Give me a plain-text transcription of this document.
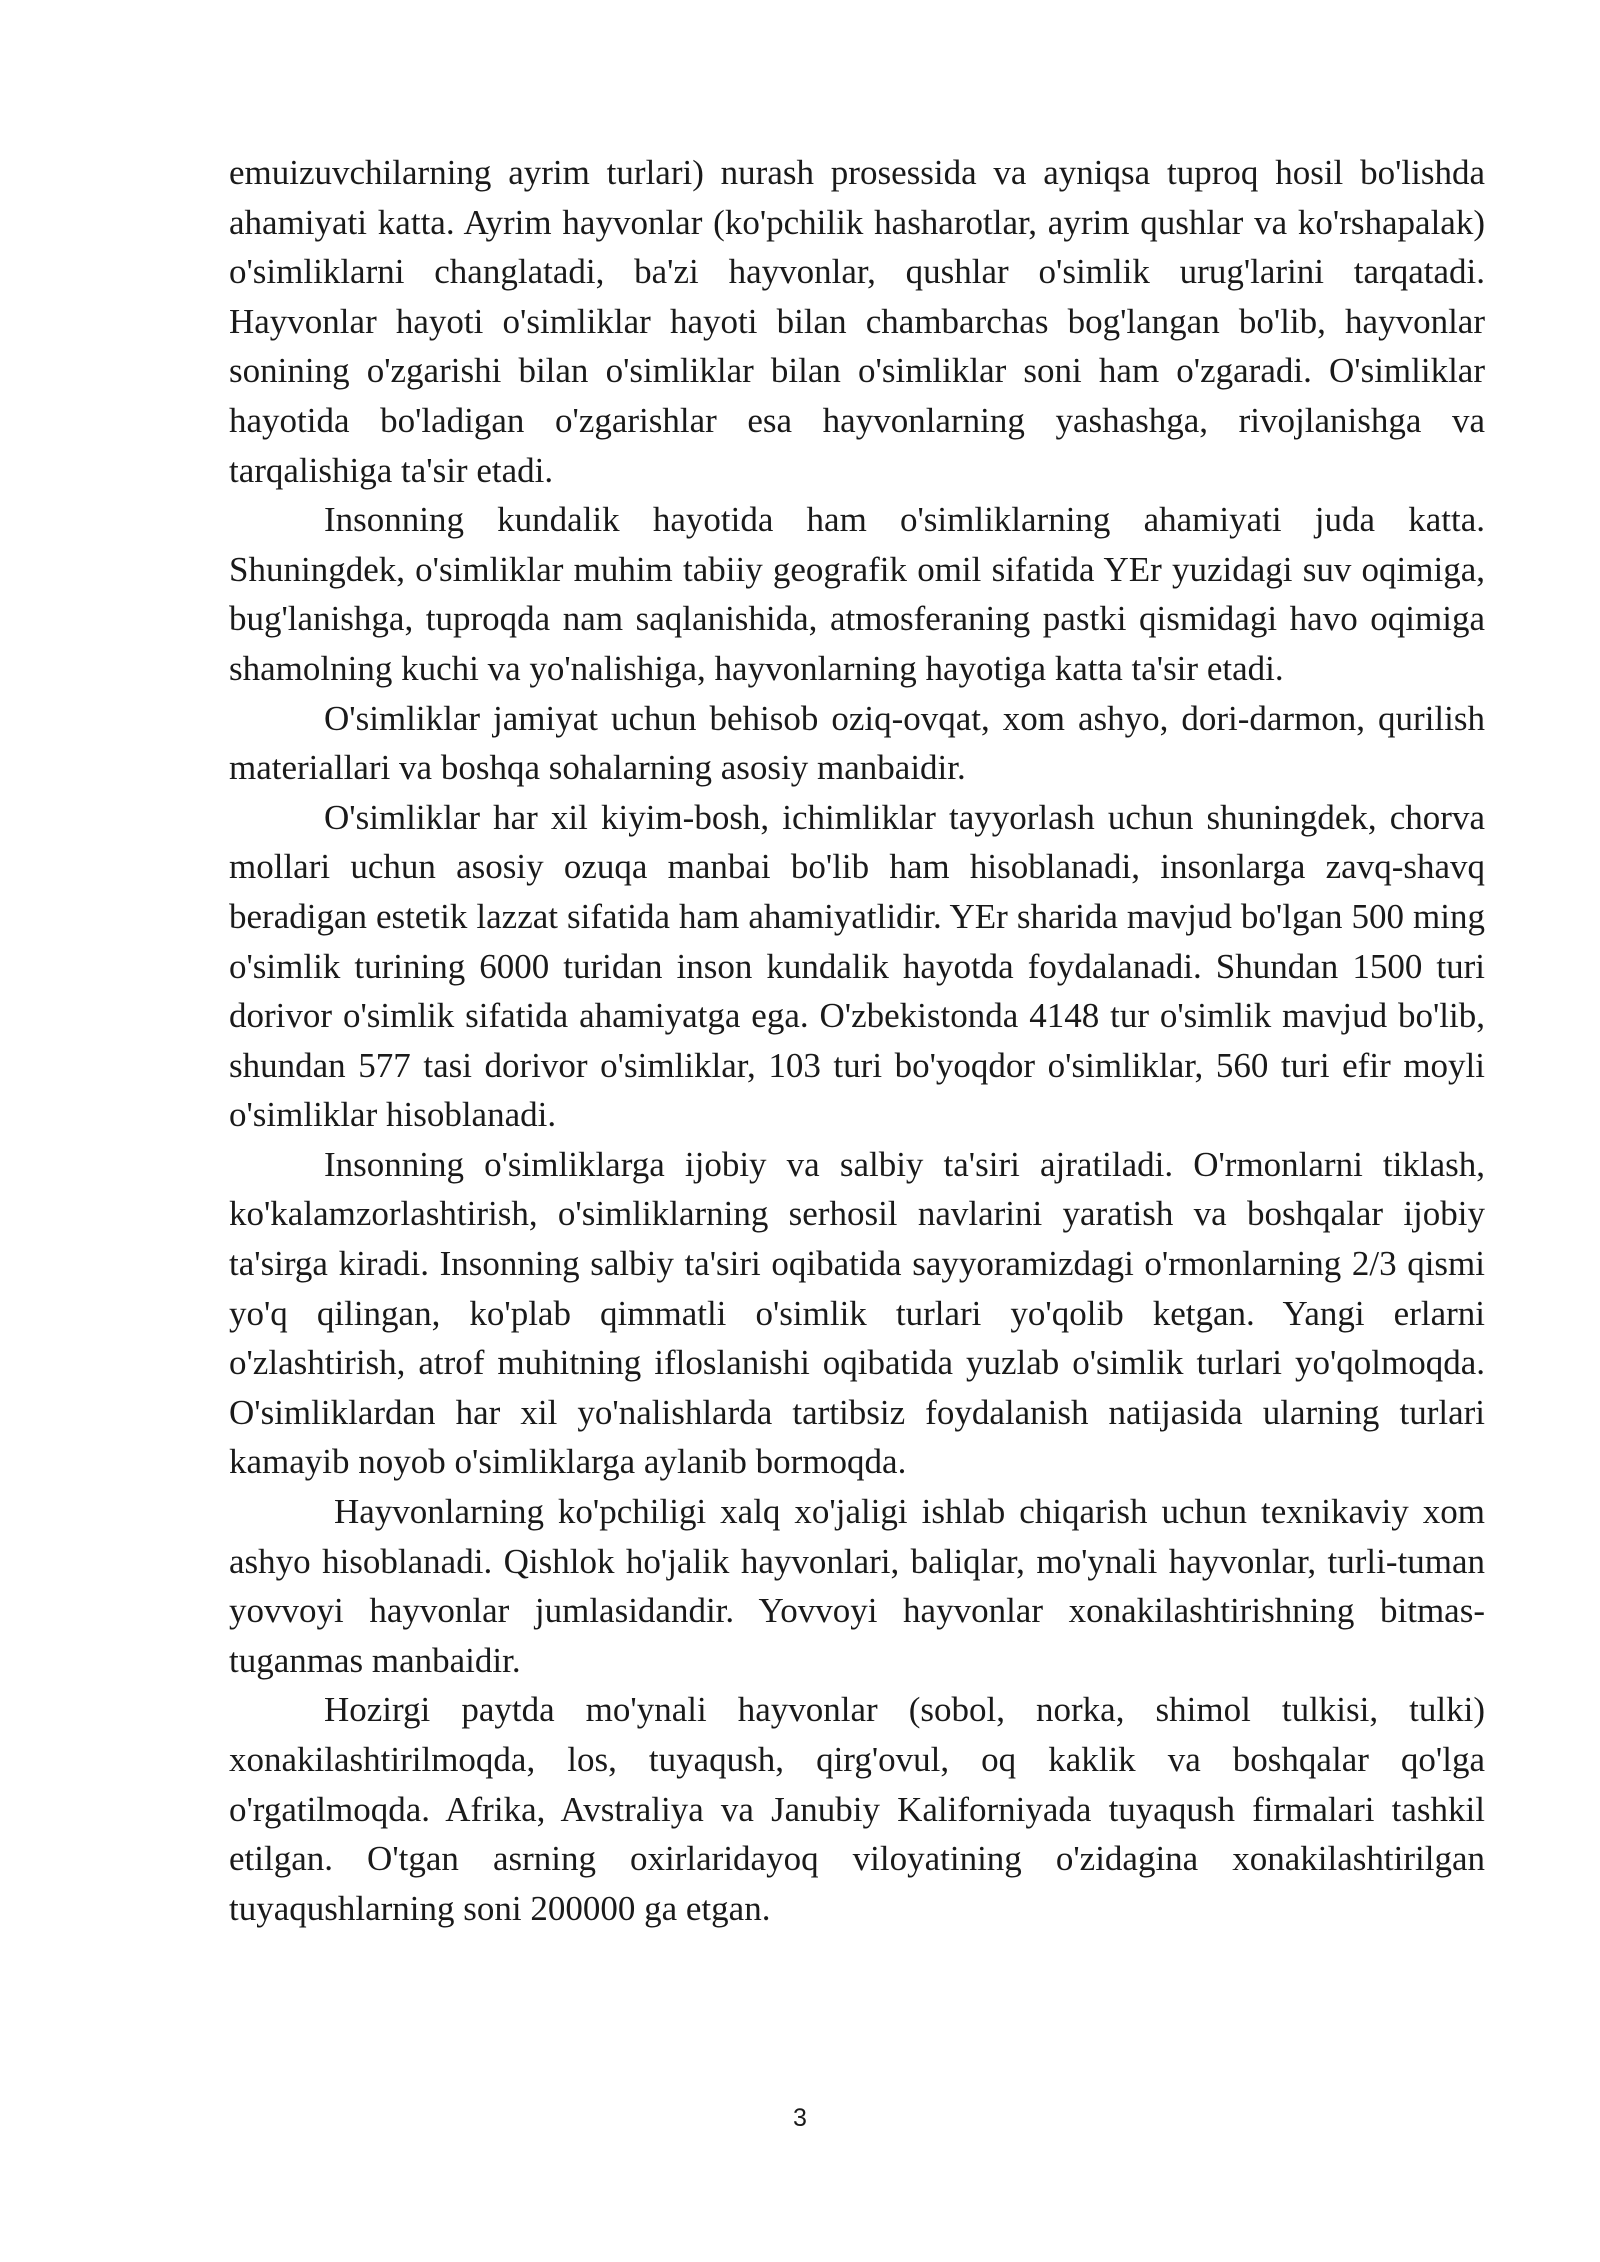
emuizuvchilarning ayrim turlari) nurash prosessida va ayniqsa tuproq hosil bo'lishda ahamiyati katta. Ayrim hayvonlar (ko'pchilik hasharotlar, ayrim qushlar va ko'rshapalak) o'simliklarni changlatadi, ba'zi hayvonlar, qushlar o'simlik urug'larini tarqatadi. Hayvonlar hayoti o'simliklar hayoti bilan chambarchas bog'langan bo'lib, hayvonlar sonining o'zgarishi bilan o'simliklar bilan o'simliklar soni ham o'zgaradi. O'simliklar hayotida bo'ladigan o'zgarishlar esa hayvonlarning yashashga, rivojlanishga va tarqalishiga ta'sir etadi.

Insonning kundalik hayotida ham o'simliklarning ahamiyati juda katta. Shuningdek, o'simliklar muhim tabiiy geografik omil sifatida YEr yuzidagi suv oqimiga, bug'lanishga, tuproqda nam saqlanishida, atmosferaning pastki qismidagi havo oqimiga shamolning kuchi va yo'nalishiga, hayvonlarning hayotiga katta ta'sir etadi.

O'simliklar jamiyat uchun behisob oziq-ovqat, xom ashyo, dori-darmon, qurilish materiallari va boshqa sohalarning asosiy manbaidir.

O'simliklar har xil kiyim-bosh, ichimliklar tayyorlash uchun shuningdek, chorva mollari uchun asosiy ozuqa manbai bo'lib ham hisoblanadi, insonlarga zavq-shavq beradigan estetik lazzat sifatida ham ahamiyatlidir. YEr sharida mavjud bo'lgan 500 ming o'simlik turining 6000 turidan inson kundalik hayotda foydalanadi. Shundan 1500 turi dorivor o'simlik sifatida ahamiyatga ega. O'zbekistonda 4148 tur o'simlik mavjud bo'lib, shundan 577 tasi dorivor o'simliklar, 103 turi bo'yoqdor o'simliklar, 560 turi efir moyli o'simliklar hisoblanadi.

Insonning o'simliklarga ijobiy va salbiy ta'siri ajratiladi. O'rmonlarni tiklash, ko'kalamzorlashtirish, o'simliklarning serhosil navlarini yaratish va boshqalar ijobiy ta'sirga kiradi. Insonning salbiy ta'siri oqibatida sayyoramizdagi o'rmonlarning 2/3 qismi yo'q qilingan, ko'plab qimmatli o'simlik turlari yo'qolib ketgan. Yangi erlarni o'zlashtirish, atrof muhitning ifloslanishi oqibatida yuzlab o'simlik turlari yo'qolmoqda. O'simliklardan har xil yo'nalishlarda tartibsiz foydalanish natijasida ularning turlari kamayib noyob o'simliklarga aylanib bormoqda.

Hayvonlarning ko'pchiligi xalq xo'jaligi ishlab chiqarish uchun texnikaviy xom ashyo hisoblanadi. Qishlok ho'jalik hayvonlari, baliqlar, mo'ynali hayvonlar, turli-tuman yovvoyi hayvonlar jumlasidandir. Yovvoyi hayvonlar xonakilashtirishning bitmas-tuganmas manbaidir.

Hozirgi paytda mo'ynali hayvonlar (sobol, norka, shimol tulkisi, tulki) xonakilashtirilmoqda, los, tuyaqush, qirg'ovul, oq kaklik va boshqalar qo'lga o'rgatilmoqda. Afrika, Avstraliya va Janubiy Kaliforniyada tuyaqush firmalari tashkil etilgan. O'tgan asrning oxirlaridayoq viloyatining o'zidagina xonakilashtirilgan tuyaqushlarning soni 200000 ga etgan.

3
